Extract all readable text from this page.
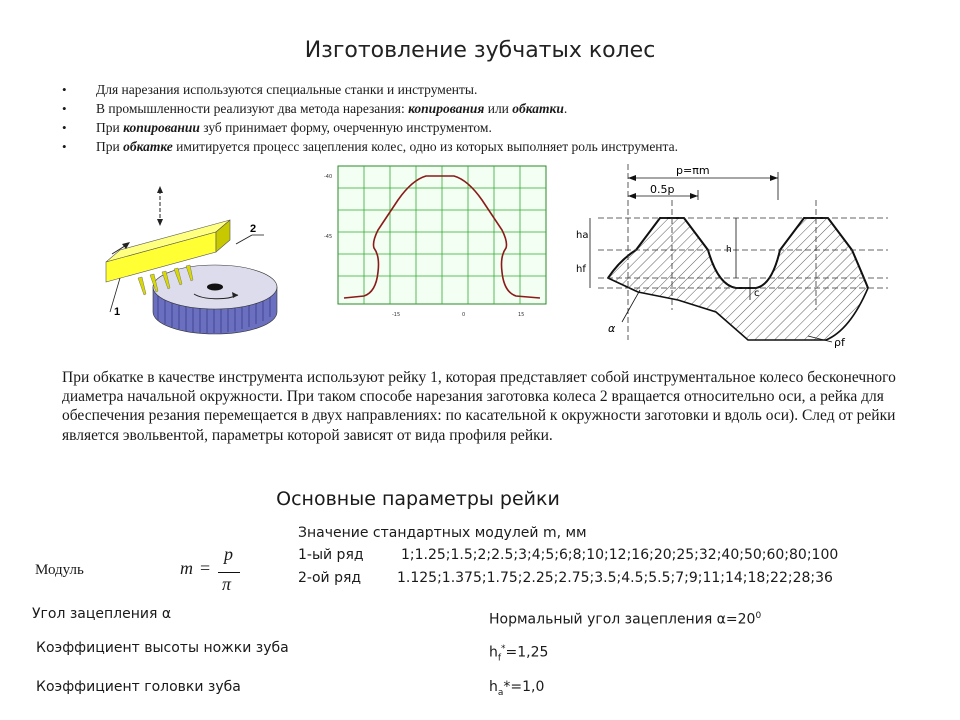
Изготовление зубчатых колес
• Для нарезания используются специальные станки и инструменты.
• В промышленности реализуют два метода нарезания: копирования или обкатки.
• При копировании зуб принимает форму, очерченную инструментом.
• При обкатке имитируется процесс зацепления колес, одно из которых выполняет роль инструмента.
2
1
-40
-45
-15	0	15
p=πm
0.5p
ha
hf
h
c
α
ρf
При обкатке в качестве инструмента используют рейку 1, которая представляет собой инструментальное колесо бесконечного диаметра начальной окружности. При таком способе нарезания заготовка колеса 2 вращается относительно оси, а рейка для обеспечения резания перемещается в двух направлениях: по касательной к окружности заготовки и вдоль оси). След от рейки является эвольвентой, параметры которой зависят от вида профиля рейки.
Основные параметры рейки
Значение стандартных модулей m, мм
1-ый ряд	1;1.25;1.5;2;2.5;3;4;5;6;8;10;12;16;20;25;32;40;50;60;80;100
2-ой ряд	1.125;1.375;1.75;2.25;2.75;3.5;4.5;5.5;7;9;11;14;18;22;28;36
Модуль	m =
p
π
Угол зацепления α	Нормальный угол зацепления $\alpha=20^0$
Коэффициент высоты ножки зуба	$h_f^*=1,25$
Коэффициент головки зуба	$h_a*=1,0$
